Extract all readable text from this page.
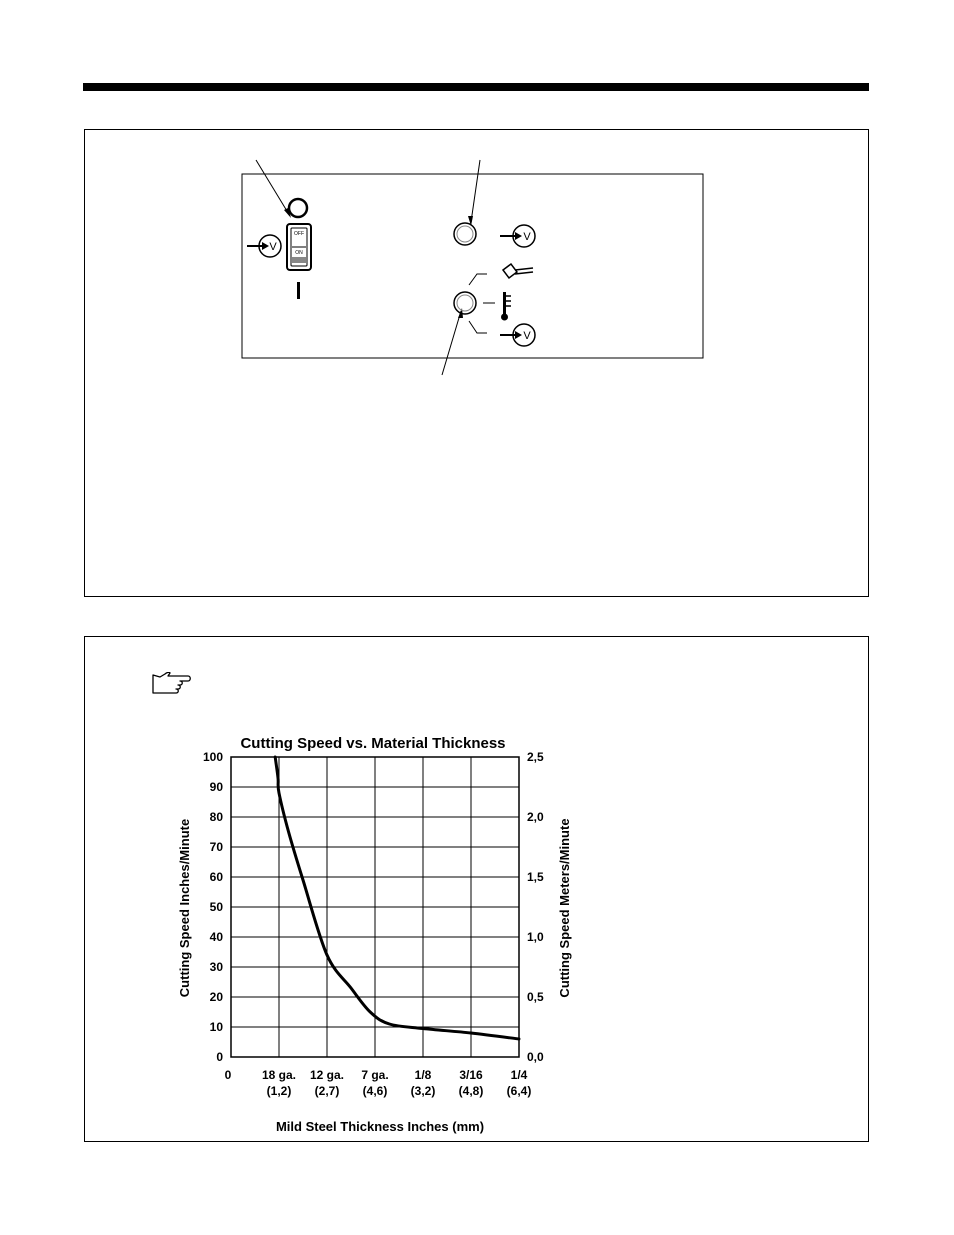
OFF
ON
V
V
V
Cutting Speed vs. Material Thickness
0
10
20
30
40
50
60
70
80
90
100
0,0
0,5
1,0
1,5
2,0
2,5
0	18 ga.
(1,2)
12 ga.
(2,7)
7 ga.
(4,6)
1/8
(3,2)
3/16
(4,8)
1/4
(6,4)
Cutting Speed Inches/Minute	Cutting Speed Meters/Minute
Mild Steel Thickness Inches (mm)
